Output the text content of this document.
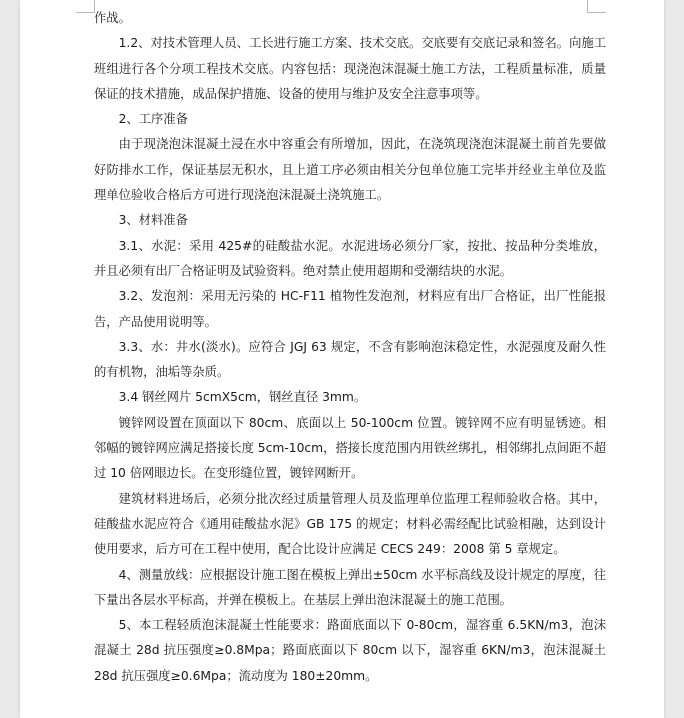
作战。

1.2、对技术管理人员、工长进行施工方案、技术交底。交底要有交底记录和签名。向施工班组进行各个分项工程技术交底。内容包括：现浇泡沫混凝土施工方法，工程质量标准，质量保证的技术措施，成品保护措施、设备的使用与维护及安全注意事项等。

2、工序准备

由于现浇泡沫混凝土浸在水中容重会有所增加，因此，在浇筑现浇泡沫混凝土前首先要做好防排水工作，保证基层无积水，且上道工序必须由相关分包单位施工完毕并经业主单位及监理单位验收合格后方可进行现浇泡沫混凝土浇筑施工。

3、材料准备

3.1、水泥：采用 425#的硅酸盐水泥。水泥进场必须分厂家，按批、按品种分类堆放，并且必须有出厂合格证明及试验资料。绝对禁止使用超期和受潮结块的水泥。

3.2、发泡剂：采用无污染的 HC-F11 植物性发泡剂，材料应有出厂合格证，出厂性能报告，产品使用说明等。

3.3、水：井水(淡水)。应符合 JGJ 63 规定，不含有影响泡沫稳定性，水泥强度及耐久性的有机物，油垢等杂质。

3.4 钢丝网片 5cmX5cm，钢丝直径 3mm。

镀锌网设置在顶面以下 80cm、底面以上 50-100cm 位置。镀锌网不应有明显锈迹。相邻幅的镀锌网应满足搭接长度 5cm-10cm，搭接长度范围内用铁丝绑扎，相邻绑扎点间距不超过 10 倍网眼边长。在变形缝位置，镀锌网断开。

建筑材料进场后，必须分批次经过质量管理人员及监理单位监理工程师验收合格。其中，硅酸盐水泥应符合《通用硅酸盐水泥》GB 175 的规定；材料必需经配比试验相融，达到设计使用要求，后方可在工程中使用，配合比设计应满足 CECS 249：2008 第 5 章规定。

4、测量放线：应根据设计施工图在模板上弹出±50cm 水平标高线及设计规定的厚度，往下量出各层水平标高，并弹在模板上。在基层上弹出泡沫混凝土的施工范围。

5、本工程轻质泡沫混凝土性能要求：路面底面以下 0-80cm，湿容重 6.5KN/m3，泡沫混凝土 28d 抗压强度≥0.8Mpa；路面底面以下 80cm 以下，湿容重 6KN/m3，泡沫混凝土 28d 抗压强度≥0.6Mpa；流动度为 180±20mm。
